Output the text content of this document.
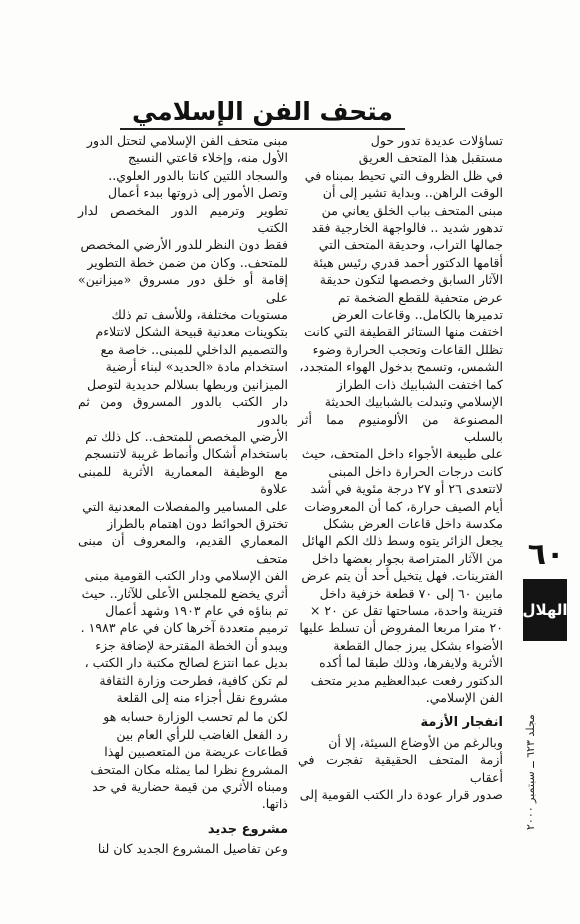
متحف الفن الإسلامي

تساؤلات عديدة تدور حول
مستقبل هذا المتحف العريق
في ظل الظروف التي تحيط بمبناه في
الوقت الراهن.. وبداية تشير إلى أن
مبنى المتحف بباب الخلق يعاني من
تدهور شديد .. فالواجهة الخارجية فقد
جمالها التراب، وحديقة المتحف التي
أقامها الدكتور أحمد قدري رئيس هيئة
الآثار السابق وخصصها لتكون حديقة
عرض متحفية للقطع الضخمة تم
تدميرها بالكامل.. وقاعات العرض
اختفت منها الستائر القطيفة التي كانت
تظلل القاعات وتحجب الحرارة وضوء
الشمس، وتسمح بدخول الهواء المتجدد،
كما اختفت الشبابيك ذات الطراز
الإسلامي وتبدلت بالشبابيك الحديثة
المصنوعة من الألومنيوم مما أثر بالسلب
على طبيعة الأجواء داخل المتحف، حيث
كانت درجات الحرارة داخل المبنى
لاتتعدى ٢٦ أو ٢٧ درجة مئوية في أشد
أيام الصيف حرارة، كما أن المعروضات
مكدسة داخل قاعات العرض بشكل
يجعل الزائر يتوه وسط ذلك الكم الهائل
من الآثار المتراصة بجوار بعضها داخل
الفترينات. فهل يتخيل أحد أن يتم عرض
مابين ٦٠ إلى ٧٠ قطعة خزفية داخل
فترينة واحدة، مساحتها تقل عن ٢٠ ×
٢٠ مترا مربعا المفروض أن تسلط عليها
الأضواء بشكل يبرز جمال القطعة
الأثرية ولايفرها، وذلك طبقا لما أكده
الدكتور رفعت عبدالعظيم مدير متحف
الفن الإسلامي.

انفجار الأزمة

وبالرغم من الأوضاع السيئة، إلا أن
أزمة المتحف الحقيقية تفجرت في أعقاب
صدور قرار عودة دار الكتب القومية إلى

مبنى متحف الفن الإسلامي لتحتل الدور
الأول منه، وإخلاء قاعتي النسيج
والسجاد اللتين كانتا بالدور العلوي..
وتصل الأمور إلى ذروتها ببدء أعمال
تطوير وترميم الدور المخصص لدار الكتب
فقط دون النظر للدور الأرضي المخصص
للمتحف.. وكان من ضمن خطة التطوير
إقامة أو خلق دور مسروق «ميزانين» على
مستويات مختلفة، وللأسف تم ذلك
بتكوينات معدنية قبيحة الشكل لاتتلاءم
والتصميم الداخلي للمبنى.. خاصة مع
استخدام مادة «الحديد» لبناء أرضية
الميزانين وربطها بسلالم حديدية لتوصل
دار الكتب بالدور المسروق ومن ثم بالدور
الأرضي المخصص للمتحف.. كل ذلك تم
باستخدام أشكال وأنماط غريبة لاتنسجم
مع الوظيفة المعمارية الأثرية للمبنى علاوة
على المسامير والمفصلات المعدنية التي
تخترق الحوائط دون اهتمام بالطراز
المعماري القديم، والمعروف أن مبنى متحف
الفن الإسلامي ودار الكتب القومية مبنى
أثري يخضع للمجلس الأعلى للآثار.. حيث
تم بناؤه في عام ١٩٠٣ وشهد أعمال
ترميم متعددة آخرها كان في عام ١٩٨٣ .
ويبدو أن الخطة المقترحة لإضافة جزء
بديل عما انتزع لصالح مكتبة دار الكتب ،
لم تكن كافية، فطرحت وزارة الثقافة
مشروع نقل أجزاء منه إلى القلعة

لكن ما لم تحسب الوزارة حسابه هو
رد الفعل الغاضب للرأي العام بين
قطاعات عريضة من المتعصبين لهذا
المشروع نظرا لما يمثله مكان المتحف
ومبناه الأثري من قيمة حضارية في حد
ذاتها.

مشروع جديد

وعن تفاصيل المشروع الجديد كان لنا

٦٠
الهلال
مجلد ٦٢٣ ــ سبتمبر ٢٠٠٠
